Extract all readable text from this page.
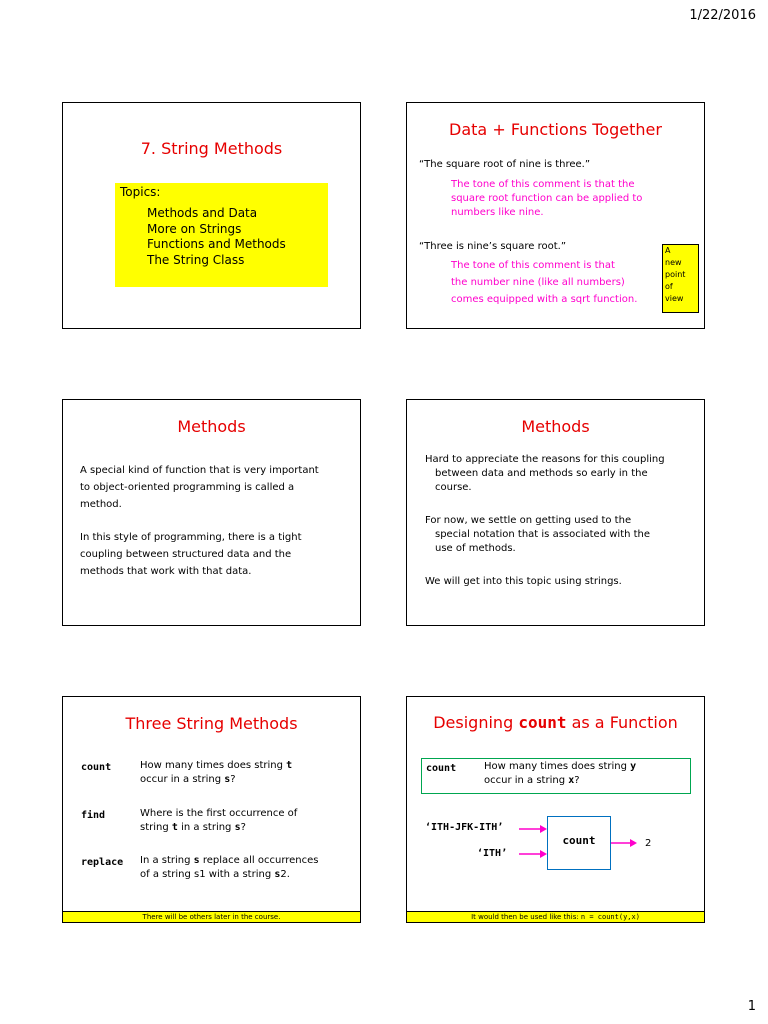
1/22/2016
1
7. String Methods
Topics:
Methods and Data
More on Strings
Functions and Methods
The String Class
Data + Functions Together
“The square root of nine is three.”
The tone of this comment is that the
square root function can be applied to
numbers like nine.
“Three is nine’s square root.”
The tone of this comment is that
the number nine (like all numbers)
comes equipped with a sqrt function.
A
new
point
of
view
Methods
A special kind of function that is very important
to object-oriented programming is called a
method.
In this style of programming, there is a tight
coupling between structured data and the
methods that work with that data.
Methods
Hard to appreciate the reasons for this coupling
between data and methods so early in the
course.
For now, we settle on getting used to the
special notation that is associated with the
use of methods.
We will get into this topic using strings.
Three String Methods
count	How many times does string t
occur in a string s?
find	Where is the first occurrence of
string t in a string s?
replace In a string s replace all occurrences
of a string s1 with a string s2.
There will be others later in the course.
Designing count as a Function
count	How many times does string y
occur in a string x?
‘ITH-JFK-ITH’
‘ITH’
count	2
It would then be used like this: n = count(y,x)
